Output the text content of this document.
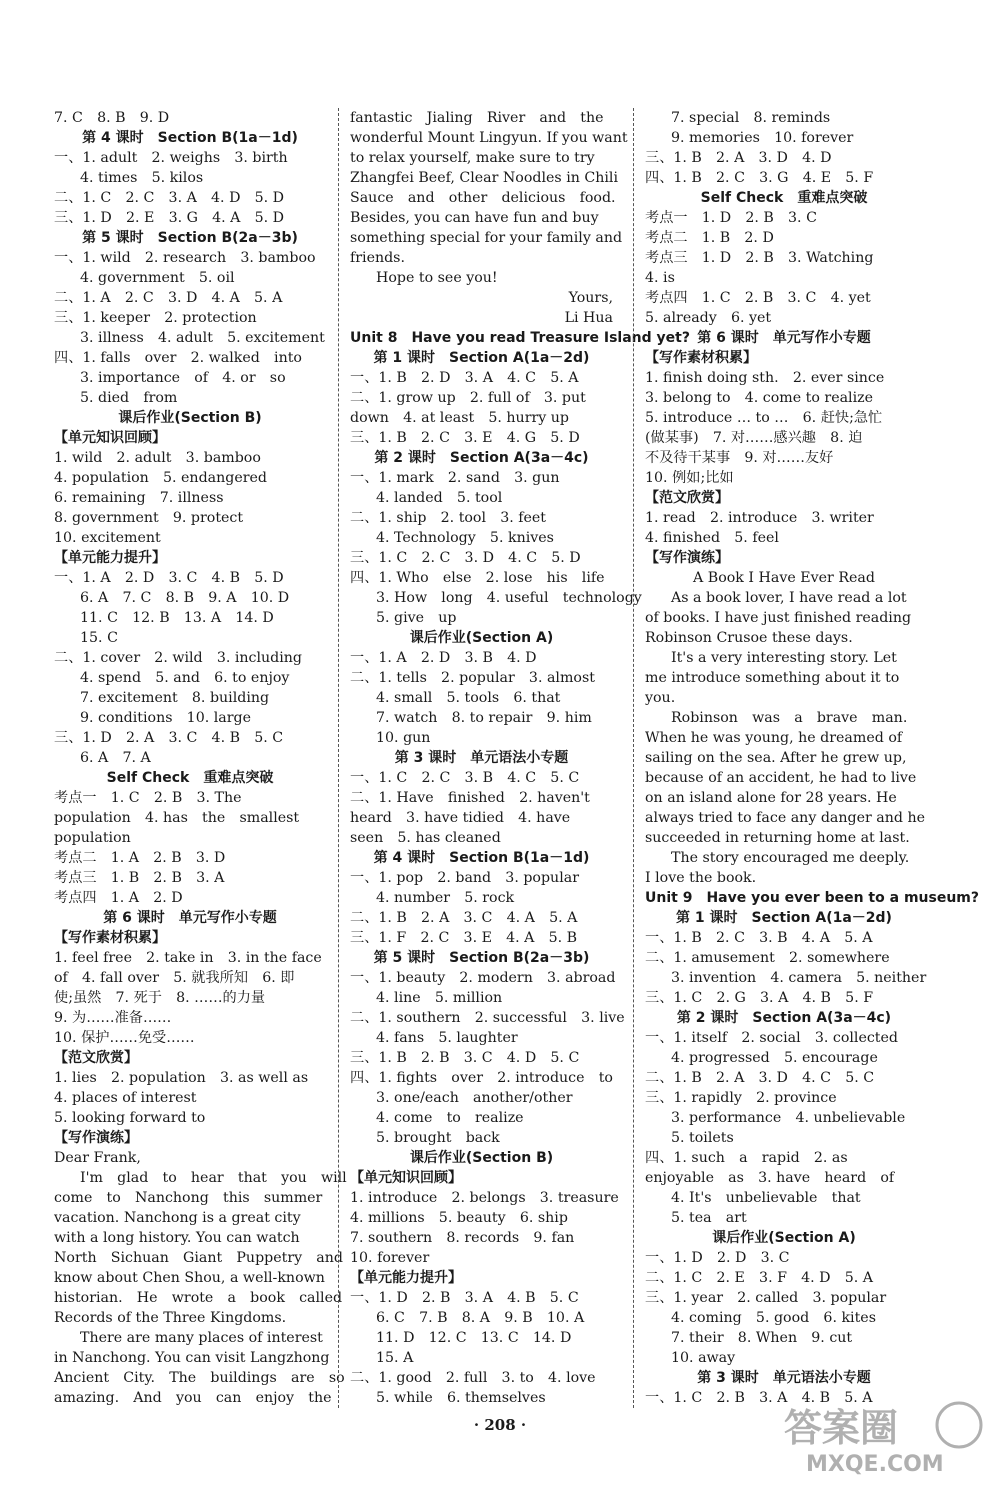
7. C　8. B　9. D
第 4 课时　Section B(1a－1d)
一、1. adult　2. weighs　3. birth
4. times　5. kilos
二、1. C　2. C　3. A　4. D　5. D
三、1. D　2. E　3. G　4. A　5. D
第 5 课时　Section B(2a－3b)
一、1. wild　2. research　3. bamboo
4. government　5. oil
二、1. A　2. C　3. D　4. A　5. A
三、1. keeper　2. protection
3. illness　4. adult　5. excitement
四、1. falls　over　2. walked　into
3. importance　of　4. or　so
5. died　from
课后作业(Section B)
【单元知识回顾】
1. wild　2. adult　3. bamboo
4. population　5. endangered
6. remaining　7. illness
8. government　9. protect
10. excitement
【单元能力提升】
一、1. A　2. D　3. C　4. B　5. D
6. A　7. C　8. B　9. A　10. D
11. C　12. B　13. A　14. D
15. C
二、1. cover　2. wild　3. including
4. spend　5. and　6. to enjoy
7. excitement　8. building
9. conditions　10. large
三、1. D　2. A　3. C　4. B　5. C
6. A　7. A
Self Check　重难点突破
考点一　1. C　2. B　3. The
population　4. has　the　smallest
population
考点二　1. A　2. B　3. D
考点三　1. B　2. B　3. A
考点四　1. A　2. D
第 6 课时　单元写作小专题
【写作素材积累】
1. feel free　2. take in　3. in the face
of　4. fall over　5. 就我所知　6. 即
使;虽然　7. 死于　8. ……的力量
9. 为……准备……
10. 保护……免受……
【范文欣赏】
1. lies　2. population　3. as well as
4. places of interest
5. looking forward to
【写作演练】
Dear Frank,
I'm　glad　to　hear　that　you　will
come　to　Nanchong　this　summer
vacation. Nanchong is a great city
with a long history. You can watch
North　Sichuan　Giant　Puppetry　and
know about Chen Shou, a well-known
historian.　He　wrote　a　book　called
Records of the Three Kingdoms.
There are many places of interest
in Nanchong. You can visit Langzhong
Ancient　City.　The　buildings　are　so
amazing.　And　you　can　enjoy　the
fantastic　Jialing　River　and　the
wonderful Mount Lingyun. If you want
to relax yourself, make sure to try
Zhangfei Beef, Clear Noodles in Chili
Sauce　and　other　delicious　food.
Besides, you can have fun and buy
something special for your family and
friends.
Hope to see you!
Yours,
Li Hua
Unit 8　Have you read Treasure Island yet?
第 1 课时　Section A(1a－2d)
一、1. B　2. D　3. A　4. C　5. A
二、1. grow up　2. full of　3. put
down　4. at least　5. hurry up
三、1. B　2. C　3. E　4. G　5. D
第 2 课时　Section A(3a－4c)
一、1. mark　2. sand　3. gun
4. landed　5. tool
二、1. ship　2. tool　3. feet
4. Technology　5. knives
三、1. C　2. C　3. D　4. C　5. D
四、1. Who　else　2. lose　his　life
3. How　long　4. useful　technology
5. give　up
课后作业(Section A)
一、1. A　2. D　3. B　4. D
二、1. tells　2. popular　3. almost
4. small　5. tools　6. that
7. watch　8. to repair　9. him
10. gun
第 3 课时　单元语法小专题
一、1. C　2. C　3. B　4. C　5. C
二、1. Have　finished　2. haven't
heard　3. have tidied　4. have
seen　5. has cleaned
第 4 课时　Section B(1a－1d)
一、1. pop　2. band　3. popular
4. number　5. rock
二、1. B　2. A　3. C　4. A　5. A
三、1. F　2. C　3. E　4. A　5. B
第 5 课时　Section B(2a－3b)
一、1. beauty　2. modern　3. abroad
4. line　5. million
二、1. southern　2. successful　3. live
4. fans　5. laughter
三、1. B　2. B　3. C　4. D　5. C
四、1. fights　over　2. introduce　to
3. one/each　another/other
4. come　to　realize
5. brought　back
课后作业(Section B)
【单元知识回顾】
1. introduce　2. belongs　3. treasure
4. millions　5. beauty　6. ship
7. southern　8. records　9. fan
10. forever
【单元能力提升】
一、1. D　2. B　3. A　4. B　5. C
6. C　7. B　8. A　9. B　10. A
11. D　12. C　13. C　14. D
15. A
二、1. good　2. full　3. to　4. love
5. while　6. themselves
7. special　8. reminds
9. memories　10. forever
三、1. B　2. A　3. D　4. D
四、1. B　2. C　3. G　4. E　5. F
Self Check　重难点突破
考点一　1. D　2. B　3. C
考点二　1. B　2. D
考点三　1. D　2. B　3. Watching
4. is
考点四　1. C　2. B　3. C　4. yet
5. already　6. yet
第 6 课时　单元写作小专题
【写作素材积累】
1. finish doing sth.　2. ever since
3. belong to　4. come to realize
5. introduce … to …　6. 赶快;急忙
(做某事)　7. 对……感兴趣　8. 迫
不及待干某事　9. 对……友好
10. 例如;比如
【范文欣赏】
1. read　2. introduce　3. writer
4. finished　5. feel
【写作演练】
A Book I Have Ever Read
As a book lover, I have read a lot
of books. I have just finished reading
Robinson Crusoe these days.
It's a very interesting story. Let
me introduce something about it to
you.
Robinson　was　a　brave　man.
When he was young, he dreamed of
sailing on the sea. After he grew up,
because of an accident, he had to live
on an island alone for 28 years. He
always tried to face any danger and he
succeeded in returning home at last.
The story encouraged me deeply.
I love the book.
Unit 9　Have you ever been to a museum?
第 1 课时　Section A(1a－2d)
一、1. B　2. C　3. B　4. A　5. A
二、1. amusement　2. somewhere
3. invention　4. camera　5. neither
三、1. C　2. G　3. A　4. B　5. F
第 2 课时　Section A(3a－4c)
一、1. itself　2. social　3. collected
4. progressed　5. encourage
二、1. B　2. A　3. D　4. C　5. C
三、1. rapidly　2. province
3. performance　4. unbelievable
5. toilets
四、1. such　a　rapid　2. as
enjoyable　as　3. have　heard　of
4. It's　unbelievable　that
5. tea　art
课后作业(Section A)
一、1. D　2. D　3. C
二、1. C　2. E　3. F　4. D　5. A
三、1. year　2. called　3. popular
4. coming　5. good　6. kites
7. their　8. When　9. cut
10. away
第 3 课时　单元语法小专题
一、1. C　2. B　3. A　4. B　5. A
· 208 ·	答案圈
MXQE.COM
